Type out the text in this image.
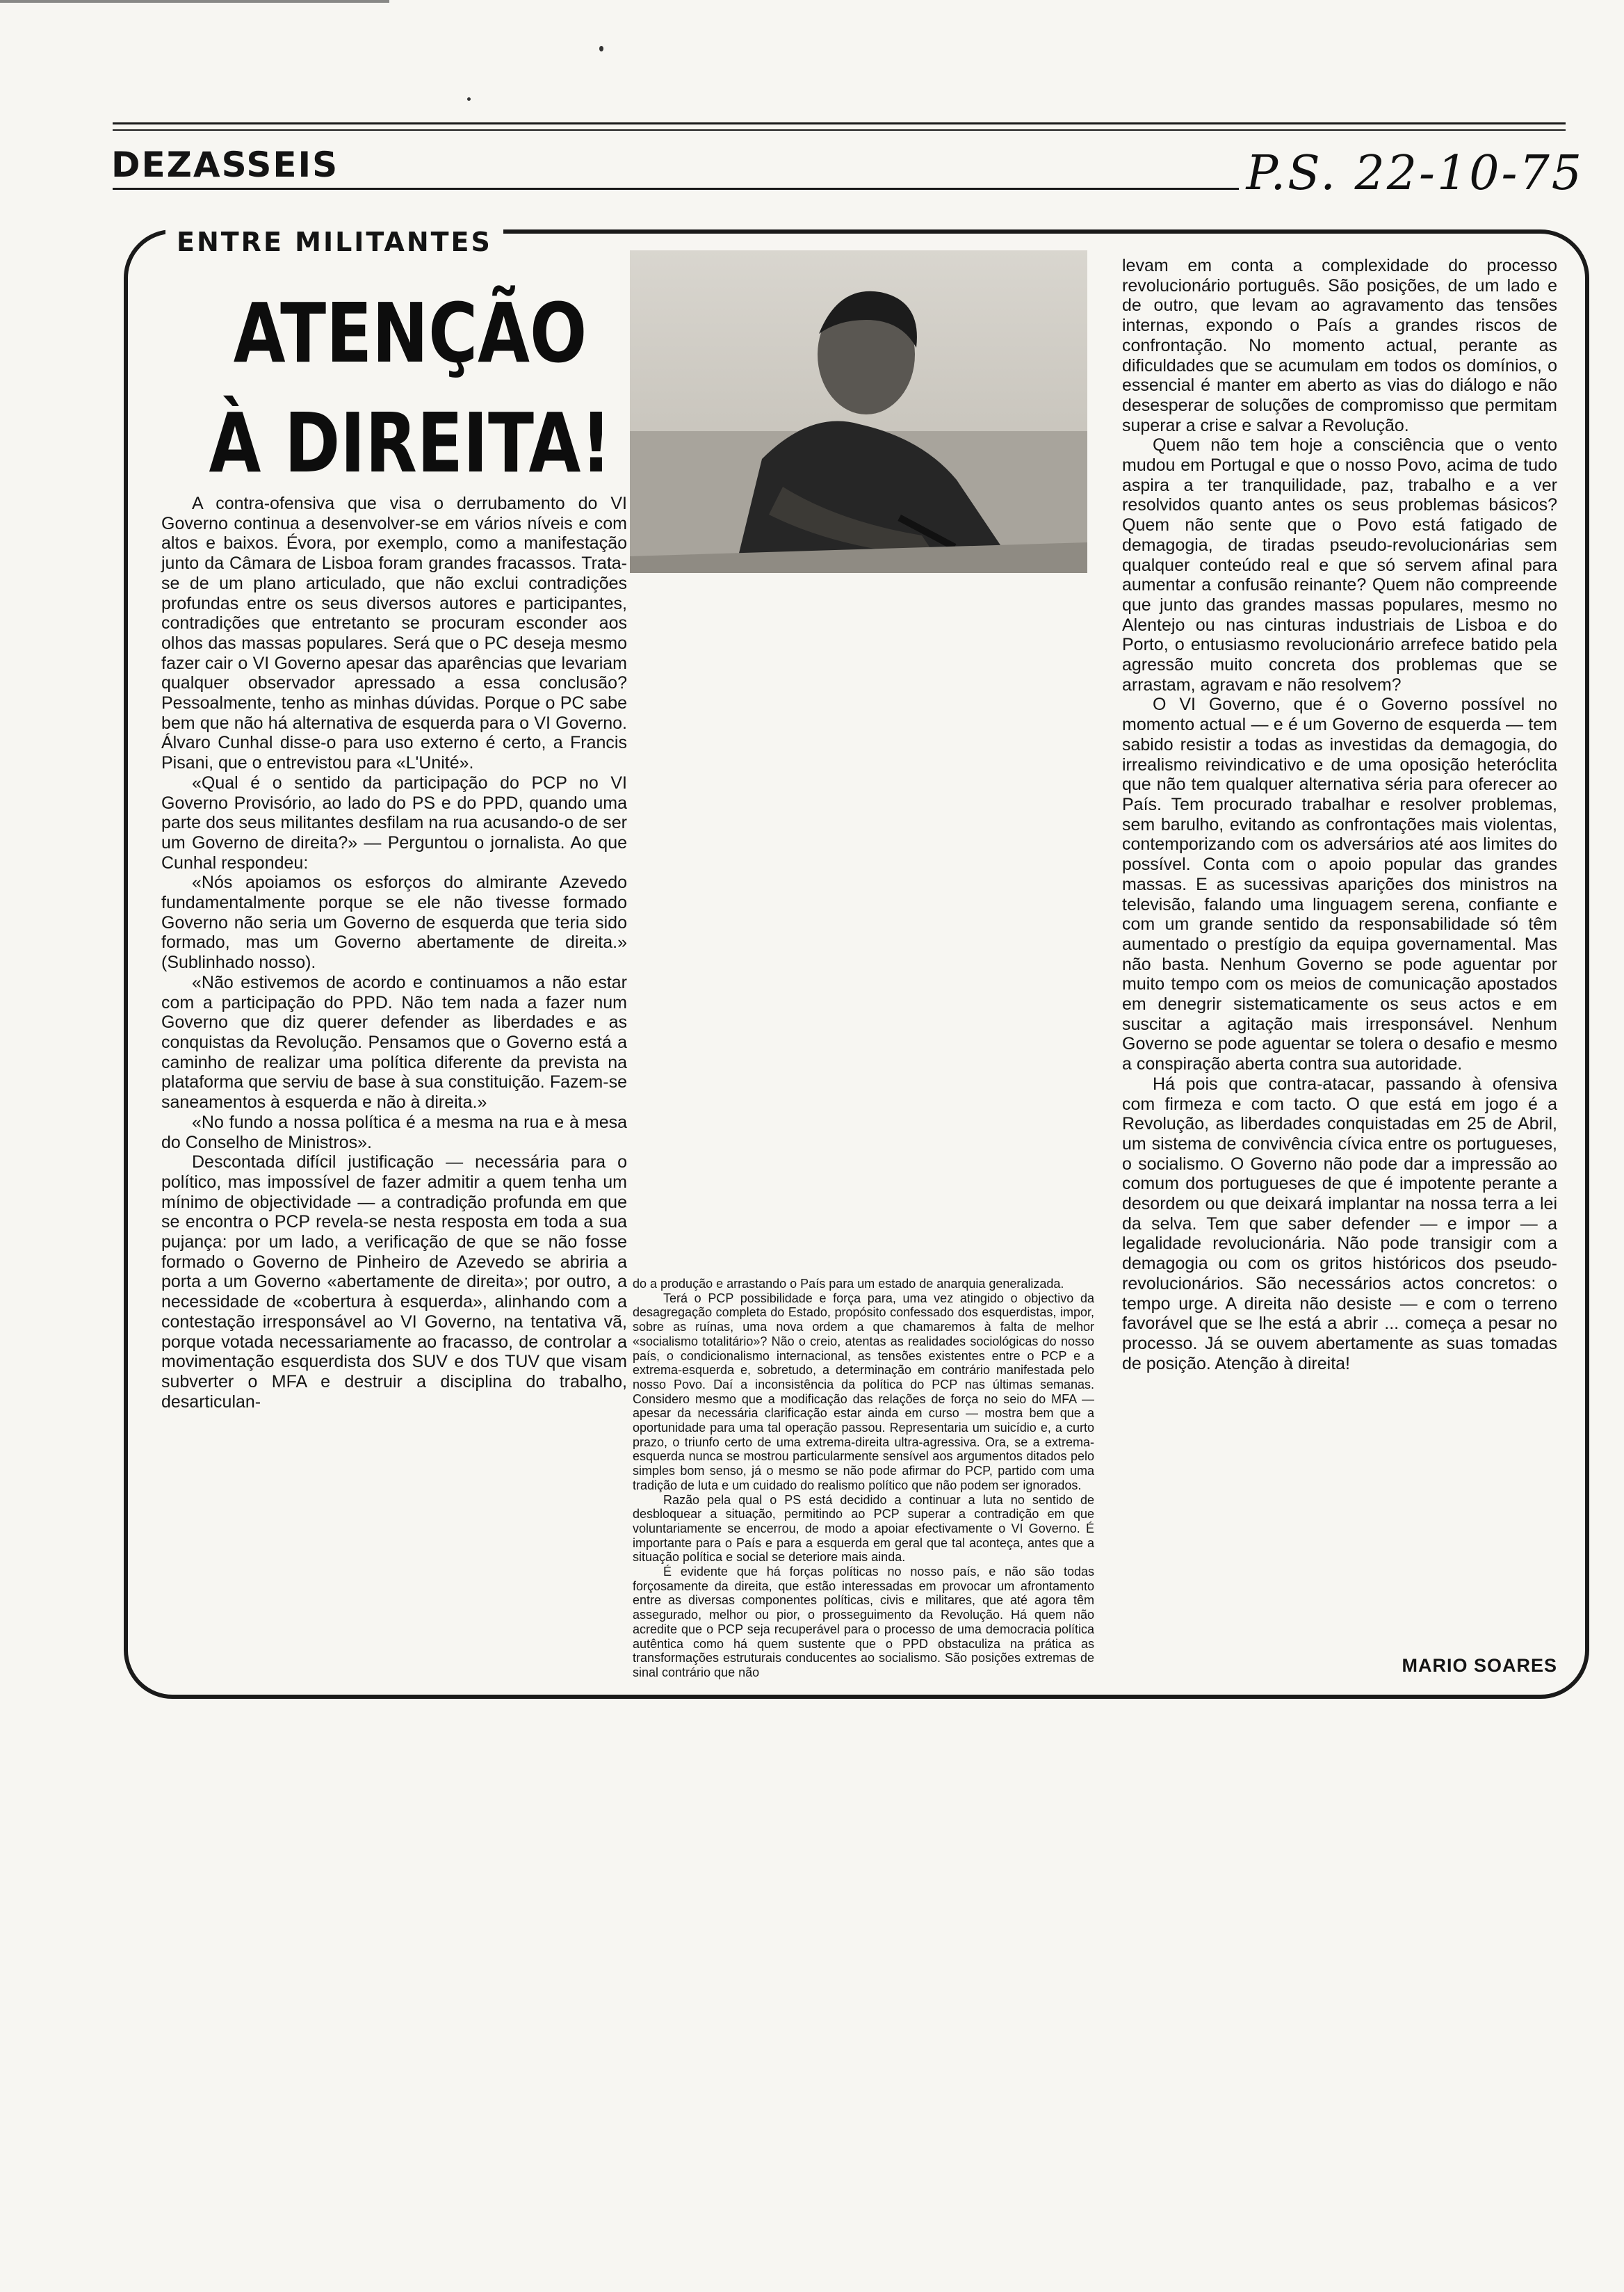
DEZASSEIS	P.S. 22-10-75
ENTRE MILITANTES
ATENÇÃO
À DIREITA!

A contra-ofensiva que visa o derrubamento do VI Governo continua a desenvolver-se em vários níveis e com altos e baixos. Évora, por exemplo, como a manifestação junto da Câmara de Lisboa foram grandes fracassos. Trata-se de um plano articulado, que não exclui contradições profundas entre os seus diversos autores e participantes, contradições que entretanto se procuram esconder aos olhos das massas populares. Será que o PC deseja mesmo fazer cair o VI Governo apesar das aparências que levariam qualquer observador apressado a essa conclusão? Pessoalmente, tenho as minhas dúvidas. Porque o PC sabe bem que não há alternativa de esquerda para o VI Governo. Álvaro Cunhal disse-o para uso externo é certo, a Francis Pisani, que o entrevistou para «L'Unité».

«Qual é o sentido da participação do PCP no VI Governo Provisório, ao lado do PS e do PPD, quando uma parte dos seus militantes desfilam na rua acusando-o de ser um Governo de direita?» — Perguntou o jornalista. Ao que Cunhal respondeu:

«Nós apoiamos os esforços do almirante Azevedo fundamentalmente porque se ele não tivesse formado Governo não seria um Governo de esquerda que teria sido formado, mas um Governo abertamente de direita.» (Sublinhado nosso).

«Não estivemos de acordo e continuamos a não estar com a participação do PPD. Não tem nada a fazer num Governo que diz querer defender as liberdades e as conquistas da Revolução. Pensamos que o Governo está a caminho de realizar uma política diferente da prevista na plataforma que serviu de base à sua constituição. Fazem-se saneamentos à esquerda e não à direita.»

«No fundo a nossa política é a mesma na rua e à mesa do Conselho de Ministros».

Descontada difícil justificação — necessária para o político, mas impossível de fazer admitir a quem tenha um mínimo de objectividade — a contradição profunda em que se encontra o PCP revela-se nesta resposta em toda a sua pujança: por um lado, a verificação de que se não fosse formado o Governo de Pinheiro de Azevedo se abriria a porta a um Governo «abertamente de direita»; por outro, a necessidade de «cobertura à esquerda», alinhando com a contestação irresponsável ao VI Governo, na tentativa vã, porque votada necessariamente ao fracasso, de controlar a movimentação esquerdista dos SUV e dos TUV que visam subverter o MFA e destruir a disciplina do trabalho, desarticulan-

do a produção e arrastando o País para um estado de anarquia generalizada.

Terá o PCP possibilidade e força para, uma vez atingido o objectivo da desagregação completa do Estado, propósito confessado dos esquerdistas, impor, sobre as ruínas, uma nova ordem a que chamaremos à falta de melhor «socialismo totalitário»? Não o creio, atentas as realidades sociológicas do nosso país, o condicionalismo internacional, as tensões existentes entre o PCP e a extrema-esquerda e, sobretudo, a determinação em contrário manifestada pelo nosso Povo. Daí a inconsistência da política do PCP nas últimas semanas. Considero mesmo que a modificação das relações de força no seio do MFA — apesar da necessária clarificação estar ainda em curso — mostra bem que a oportunidade para uma tal operação passou. Representaria um suicídio e, a curto prazo, o triunfo certo de uma extrema-direita ultra-agressiva. Ora, se a extrema-esquerda nunca se mostrou particularmente sensível aos argumentos ditados pelo simples bom senso, já o mesmo se não pode afirmar do PCP, partido com uma tradição de luta e um cuidado do realismo político que não podem ser ignorados.

Razão pela qual o PS está decidido a continuar a luta no sentido de desbloquear a situação, permitindo ao PCP superar a contradição em que voluntariamente se encerrou, de modo a apoiar efectivamente o VI Governo. É importante para o País e para a esquerda em geral que tal aconteça, antes que a situação política e social se deteriore mais ainda.

É evidente que há forças políticas no nosso país, e não são todas forçosamente da direita, que estão interessadas em provocar um afrontamento entre as diversas componentes políticas, civis e militares, que até agora têm assegurado, melhor ou pior, o prosseguimento da Revolução. Há quem não acredite que o PCP seja recuperável para o processo de uma democracia política autêntica como há quem sustente que o PPD obstaculiza na prática as transformações estruturais conducentes ao socialismo. São posições extremas de sinal contrário que não

levam em conta a complexidade do processo revolucionário português. São posições, de um lado e de outro, que levam ao agravamento das tensões internas, expondo o País a grandes riscos de confrontação. No momento actual, perante as dificuldades que se acumulam em todos os domínios, o essencial é manter em aberto as vias do diálogo e não desesperar de soluções de compromisso que permitam superar a crise e salvar a Revolução.

Quem não tem hoje a consciência que o vento mudou em Portugal e que o nosso Povo, acima de tudo aspira a ter tranquilidade, paz, trabalho e a ver resolvidos quanto antes os seus problemas básicos? Quem não sente que o Povo está fatigado de demagogia, de tiradas pseudo-revolucionárias sem qualquer conteúdo real e que só servem afinal para aumentar a confusão reinante? Quem não compreende que junto das grandes massas populares, mesmo no Alentejo ou nas cinturas industriais de Lisboa e do Porto, o entusiasmo revolucionário arrefece batido pela agressão muito concreta dos problemas que se arrastam, agravam e não resolvem?

O VI Governo, que é o Governo possível no momento actual — e é um Governo de esquerda — tem sabido resistir a todas as investidas da demagogia, do irrealismo reivindicativo e de uma oposição heteróclita que não tem qualquer alternativa séria para oferecer ao País. Tem procurado trabalhar e resolver problemas, sem barulho, evitando as confrontações mais violentas, contemporizando com os adversários até aos limites do possível. Conta com o apoio popular das grandes massas. E as sucessivas aparições dos ministros na televisão, falando uma linguagem serena, confiante e com um grande sentido da responsabilidade só têm aumentado o prestígio da equipa governamental. Mas não basta. Nenhum Governo se pode aguentar por muito tempo com os meios de comunicação apostados em denegrir sistematicamente os seus actos e em suscitar a agitação mais irresponsável. Nenhum Governo se pode aguentar se tolera o desafio e mesmo a conspiração aberta contra sua autoridade.

Há pois que contra-atacar, passando à ofensiva com firmeza e com tacto. O que está em jogo é a Revolução, as liberdades conquistadas em 25 de Abril, um sistema de convivência cívica entre os portugueses, o socialismo. O Governo não pode dar a impressão ao comum dos portugueses de que é impotente perante a desordem ou que deixará implantar na nossa terra a lei da selva. Tem que saber defender — e impor — a legalidade revolucionária. Não pode transigir com a demagogia ou com os gritos históricos dos pseudo-revolucionários. São necessários actos concretos: o tempo urge. A direita não desiste — e com o terreno favorável que se lhe está a abrir ... começa a pesar no processo. Já se ouvem abertamente as suas tomadas de posição. Atenção à direita!

MARIO SOARES
